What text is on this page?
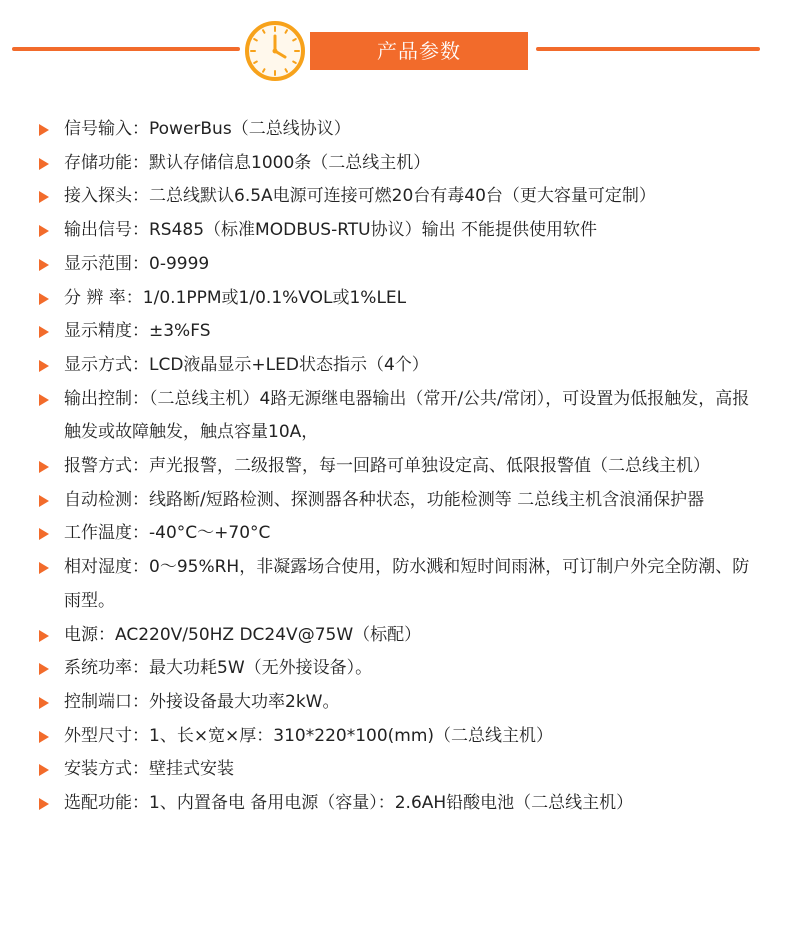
产品参数
信号输入：PowerBus（二总线协议）
存储功能：默认存储信息1000条（二总线主机）
接入探头：二总线默认6.5A电源可连接可燃20台有毒40台（更大容量可定制）
输出信号：RS485（标准MODBUS-RTU协议）输出 不能提供使用软件
显示范围：0-9999
分 辨 率：1/0.1PPM或1/0.1%VOL或1%LEL
显示精度：±3%FS
显示方式：LCD液晶显示+LED状态指示（4个）
输出控制：（二总线主机）4路无源继电器输出（常开/公共/常闭），可设置为低报触发，高报触发或故障触发，触点容量10A，
报警方式：声光报警，二级报警，每一回路可单独设定高、低限报警值（二总线主机）
自动检测：线路断/短路检测、探测器各种状态，功能检测等 二总线主机含浪涌保护器
工作温度：-40°C～+70°C
相对湿度：0～95%RH，非凝露场合使用，防水溅和短时间雨淋，可订制户外完全防潮、防雨型。
电源：AC220V/50HZ DC24V@75W（标配）
系统功率：最大功耗5W（无外接设备）。
控制端口：外接设备最大功率2kW。
外型尺寸：1、长×宽×厚：310*220*100(mm)（二总线主机）
安装方式：壁挂式安装
选配功能：1、内置备电 备用电源（容量）：2.6AH铅酸电池（二总线主机）
